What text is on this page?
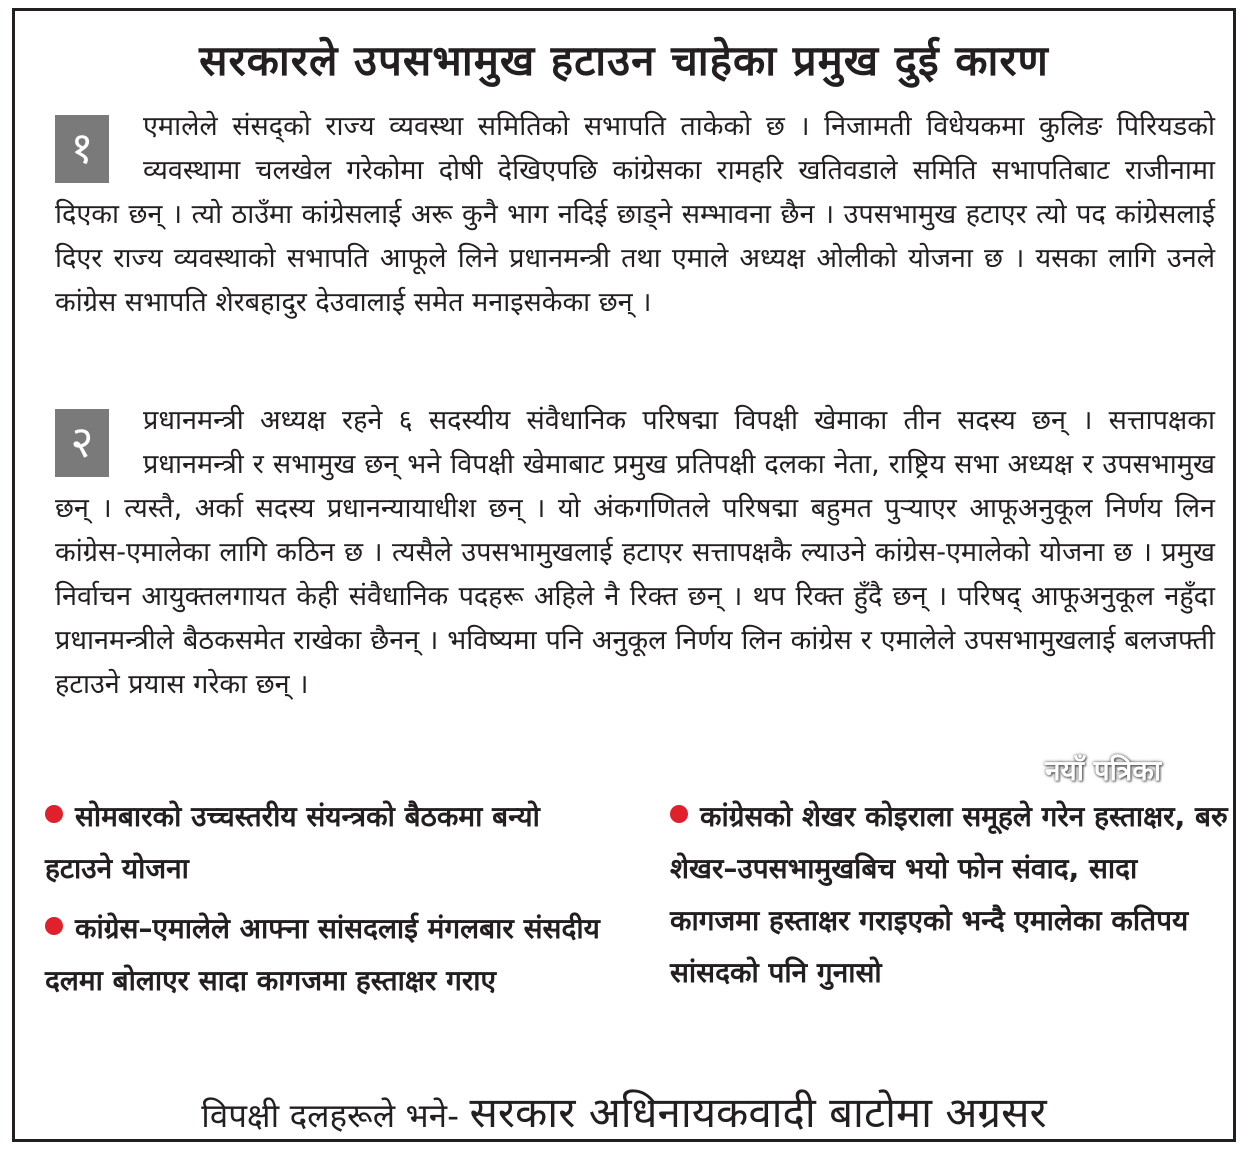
सरकारले उपसभामुख हटाउन चाहेका प्रमुख दुई कारण

१	एमालेले संसद्को राज्य व्यवस्था समितिको सभापति ताकेको छ । निजामती विधेयकमा कुलिङ पिरियडको व्यवस्थामा चलखेल गरेकोमा दोषी देखिएपछि कांग्रेसका रामहरि खतिवडाले समिति सभापतिबाट राजीनामा दिएका छन् । त्यो ठाउँमा कांग्रेसलाई अरू कुनै भाग नदिई छाड्ने सम्भावना छैन । उपसभामुख हटाएर त्यो पद कांग्रेसलाई दिएर राज्य व्यवस्थाको सभापति आफूले लिने प्रधानमन्त्री तथा एमाले अध्यक्ष ओलीको योजना छ । यसका लागि उनले कांग्रेस सभापति शेरबहादुर देउवालाई समेत मनाइसकेका छन् ।

२	प्रधानमन्त्री अध्यक्ष रहने ६ सदस्यीय संवैधानिक परिषद्मा विपक्षी खेमाका तीन सदस्य छन् । सत्तापक्षका प्रधानमन्त्री र सभामुख छन् भने विपक्षी खेमाबाट प्रमुख प्रतिपक्षी दलका नेता, राष्ट्रिय सभा अध्यक्ष र उपसभामुख छन् । त्यस्तै, अर्का सदस्य प्रधानन्यायाधीश छन् । यो अंकगणितले परिषद्मा बहुमत पुऱ्याएर आफूअनुकूल निर्णय लिन कांग्रेस-एमालेका लागि कठिन छ । त्यसैले उपसभामुखलाई हटाएर सत्तापक्षकै ल्याउने कांग्रेस-एमालेको योजना छ । प्रमुख निर्वाचन आयुक्तलगायत केही संवैधानिक पदहरू अहिले नै रिक्त छन् । थप रिक्त हुँदै छन् । परिषद् आफूअनुकूल नहुँदा प्रधानमन्त्रीले बैठकसमेत राखेका छैनन् । भविष्यमा पनि अनुकूल निर्णय लिन कांग्रेस र एमालेले उपसभामुखलाई बलजफ्ती हटाउने प्रयास गरेका छन् ।

नयाँ पत्रिका
सोमबारको उच्चस्तरीय संयन्त्रको बैठकमा बन्यो हटाउने योजना
कांग्रेस–एमालेले आफ्ना सांसदलाई मंगलबार संसदीय दलमा बोलाएर सादा कागजमा हस्ताक्षर गराए
कांग्रेसको शेखर कोइराला समूहले गरेन हस्ताक्षर, बरु शेखर–उपसभामुखबिच भयो फोन संवाद, सादा कागजमा हस्ताक्षर गराइएको भन्दै एमालेका कतिपय सांसदको पनि गुनासो

विपक्षी दलहरूले भने- सरकार अधिनायकवादी बाटोमा अग्रसर
